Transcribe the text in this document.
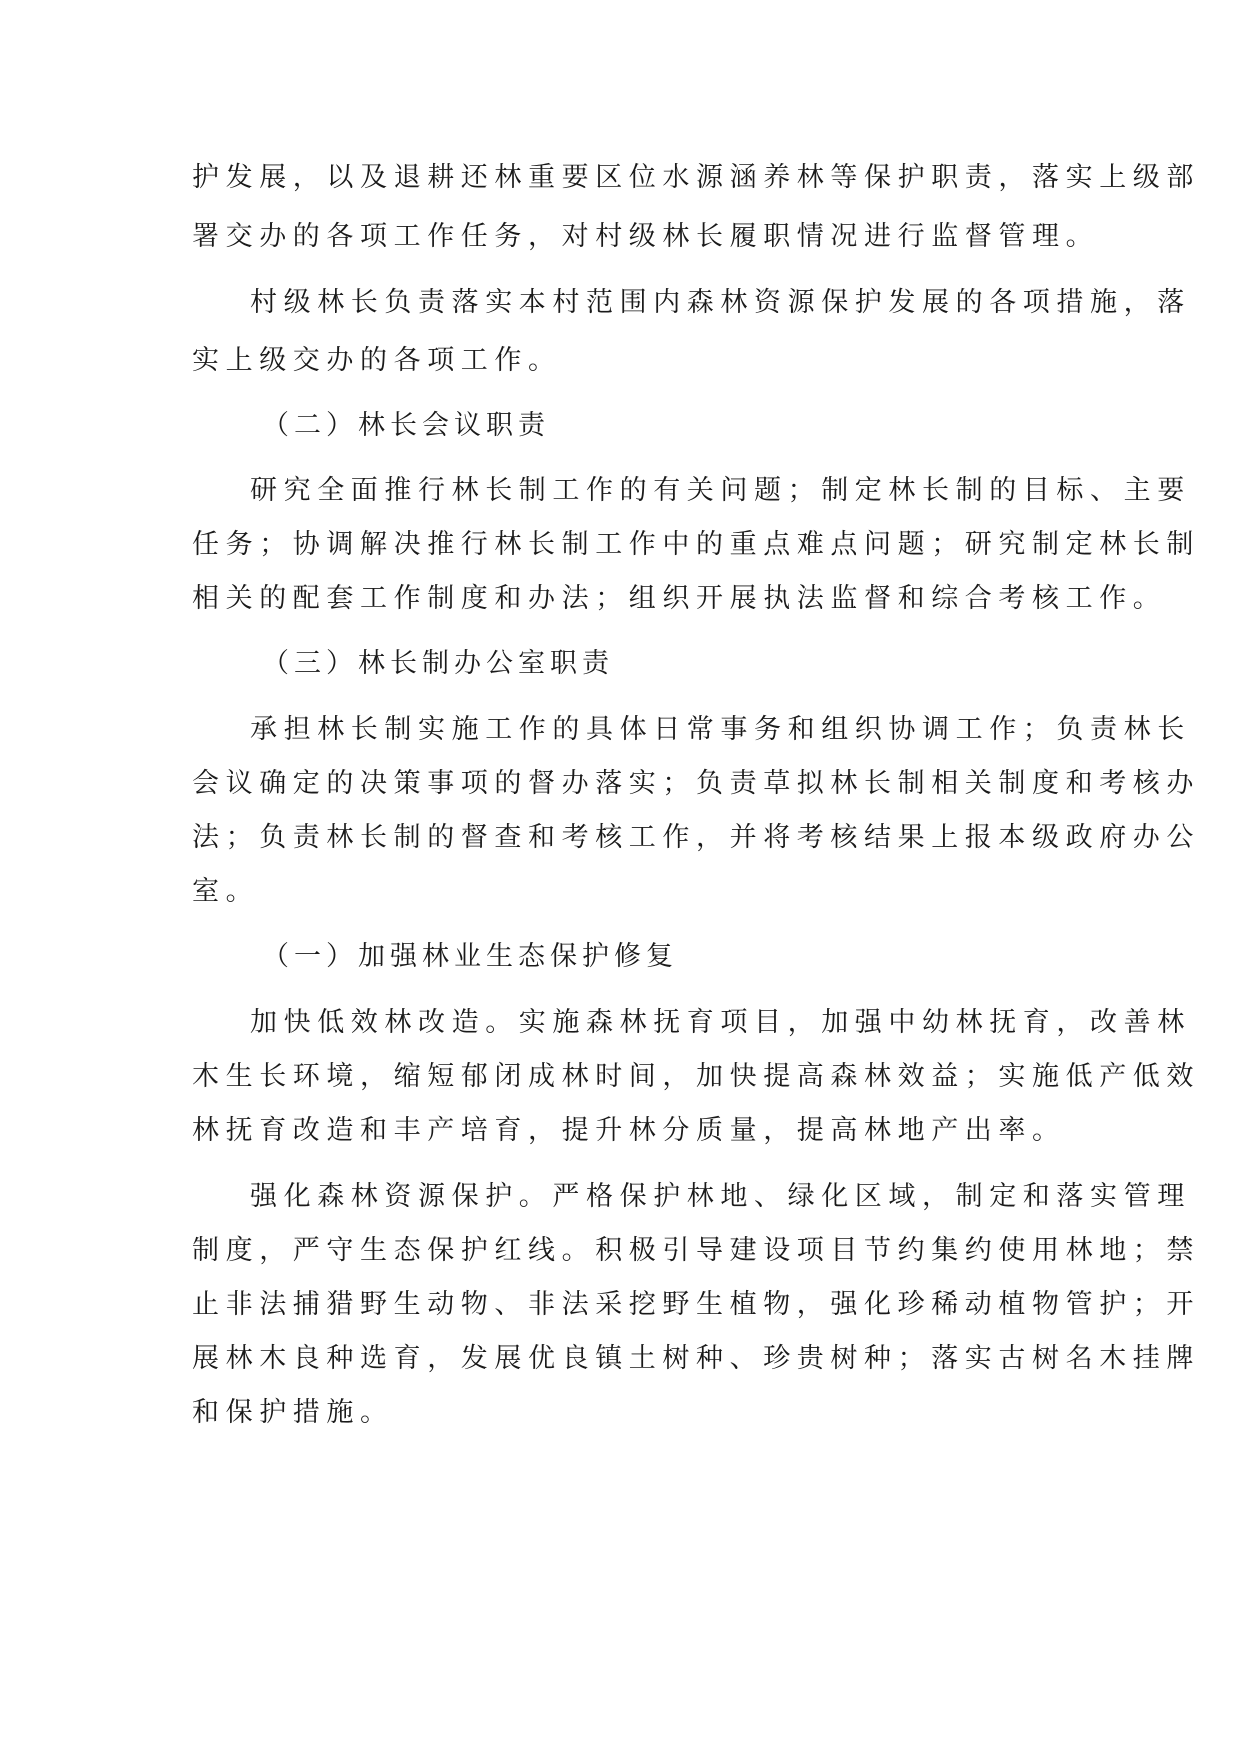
护发展，以及退耕还林重要区位水源涵养林等保护职责，落实上级部
署交办的各项工作任务，对村级林长履职情况进行监督管理。
村级林长负责落实本村范围内森林资源保护发展的各项措施，落
实上级交办的各项工作。
（二）林长会议职责
研究全面推行林长制工作的有关问题；制定林长制的目标、主要
任务；协调解决推行林长制工作中的重点难点问题；研究制定林长制
相关的配套工作制度和办法；组织开展执法监督和综合考核工作。
（三）林长制办公室职责
承担林长制实施工作的具体日常事务和组织协调工作；负责林长
会议确定的决策事项的督办落实；负责草拟林长制相关制度和考核办
法；负责林长制的督查和考核工作，并将考核结果上报本级政府办公
室。
（一）加强林业生态保护修复
加快低效林改造。实施森林抚育项目，加强中幼林抚育，改善林
木生长环境，缩短郁闭成林时间，加快提高森林效益；实施低产低效
林抚育改造和丰产培育，提升林分质量，提高林地产出率。
强化森林资源保护。严格保护林地、绿化区域，制定和落实管理
制度，严守生态保护红线。积极引导建设项目节约集约使用林地；禁
止非法捕猎野生动物、非法采挖野生植物，强化珍稀动植物管护；开
展林木良种选育，发展优良镇土树种、珍贵树种；落实古树名木挂牌
和保护措施。
